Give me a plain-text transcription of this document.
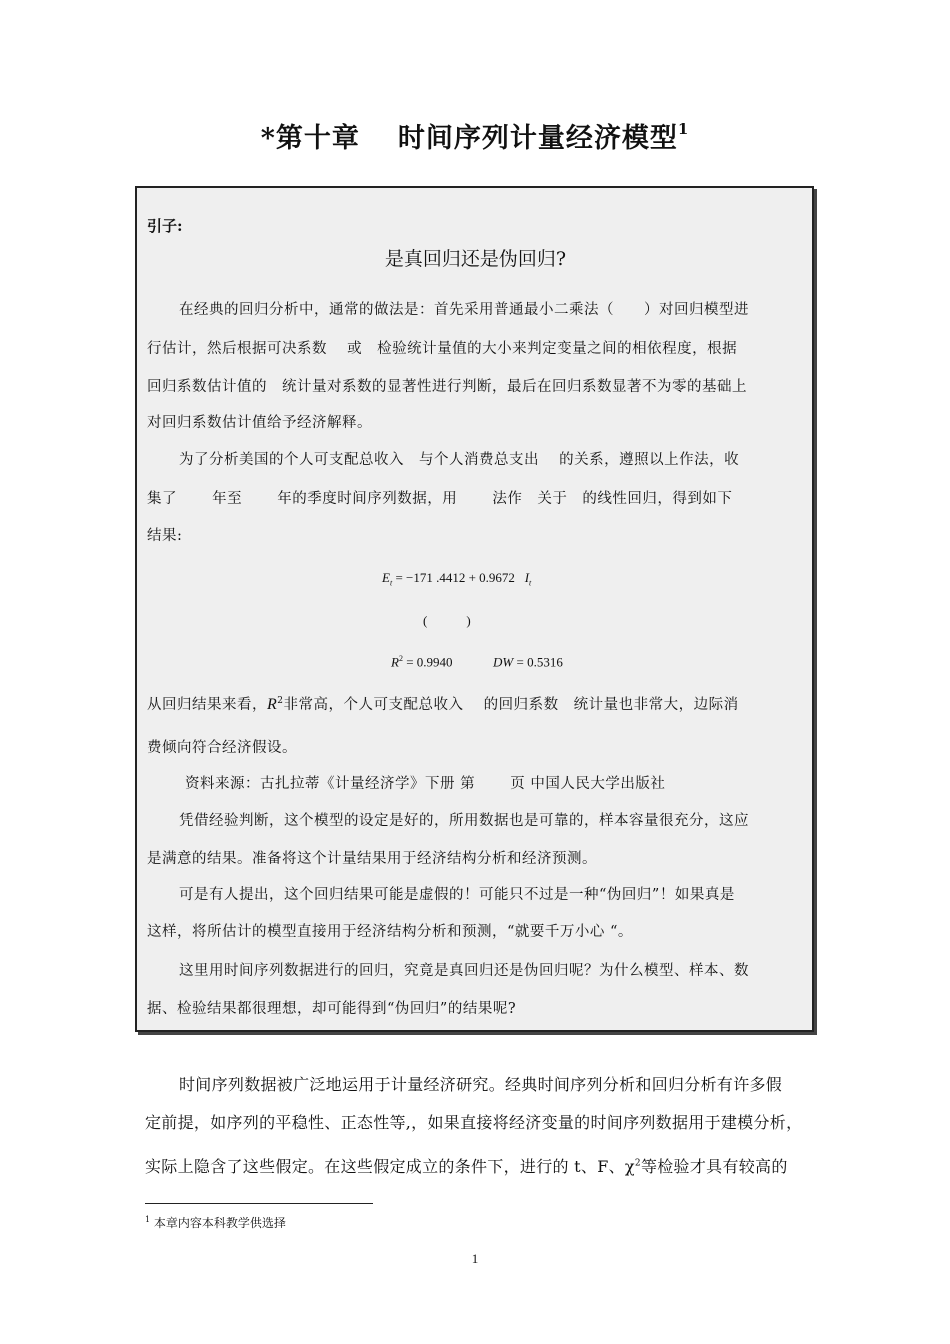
*第十章 时间序列计量经济模型$^1$
引子:
是真回归还是伪回归?
在经典的回归分析中，通常的做法是：首先采用普通最小二乘法（　　）对回归模型进
行估计，然后根据可决系数　 或　检验统计量值的大小来判定变量之间的相依程度，根据
回归系数估计值的　统计量对系数的显著性进行判断，最后在回归系数显著不为零的基础上
对回归系数估计值给予经济解释。
为了分析美国的个人可支配总收入　与个人消费总支出　 的关系，遵照以上作法，收
集了　　 年至　　 年的季度时间序列数据，用　　 法作　关于　的线性回归，得到如下
结果:
$E_t = -171$ .4412 + 0.9672 $I_t$
(　　　)
$R^2 = 0.9940$	DW = 0.5316
从回归结果来看，$R^2$非常高，个人可支配总收入　 的回归系数　统计量也非常大，边际消
费倾向符合经济假设。
资料来源：古扎拉蒂《计量经济学》下册 第　　 页 中国人民大学出版社
凭借经验判断，这个模型的设定是好的，所用数据也是可靠的，样本容量很充分，这应
是满意的结果。准备将这个计量结果用于经济结构分析和经济预测。
可是有人提出，这个回归结果可能是虚假的！可能只不过是一种“伪回归”！如果真是
这样，将所估计的模型直接用于经济结构分析和预测，“就要千万小心 “。
这里用时间序列数据进行的回归，究竟是真回归还是伪回归呢？为什么模型、样本、数
据、检验结果都很理想，却可能得到“伪回归”的结果呢?
时间序列数据被广泛地运用于计量经济研究。经典时间序列分析和回归分析有许多假
定前提，如序列的平稳性、正态性等,，如果直接将经济变量的时间序列数据用于建模分析，
实际上隐含了这些假定。在这些假定成立的条件下，进行的 t、F、$\chi^2$等检验才具有较高的
$^1$ 本章内容本科教学供选择
1
